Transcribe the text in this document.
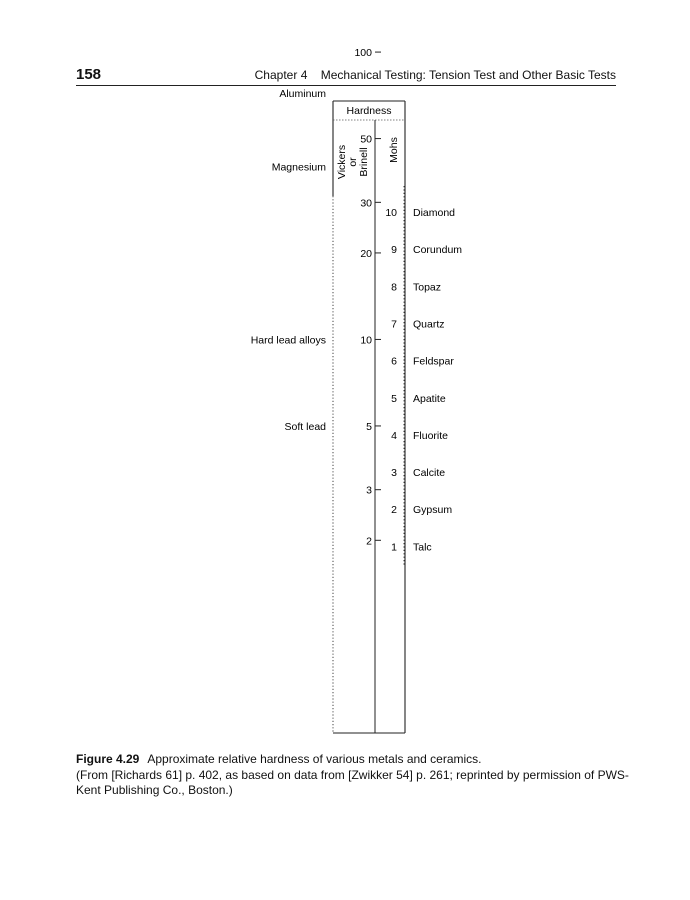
158	Chapter 4 Mechanical Testing: Tension Test and Other Basic Tests
Hardness
Vickers or Brinell Mohs
100
50
30
20
10
5
3
2
Aluminum
Magnesium
Hard lead alloys
Soft lead
10 Diamond
9 Corundum
8 Topaz
7 Quartz
6 Feldspar
5 Apatite
4 Fluorite
3 Calcite
2 Gypsum
1 Talc
Figure 4.29 Approximate relative hardness of various metals and ceramics.
(From [Richards 61] p. 402, as based on data from [Zwikker 54] p. 261; reprinted by permission of PWS-Kent Publishing Co., Boston.)
